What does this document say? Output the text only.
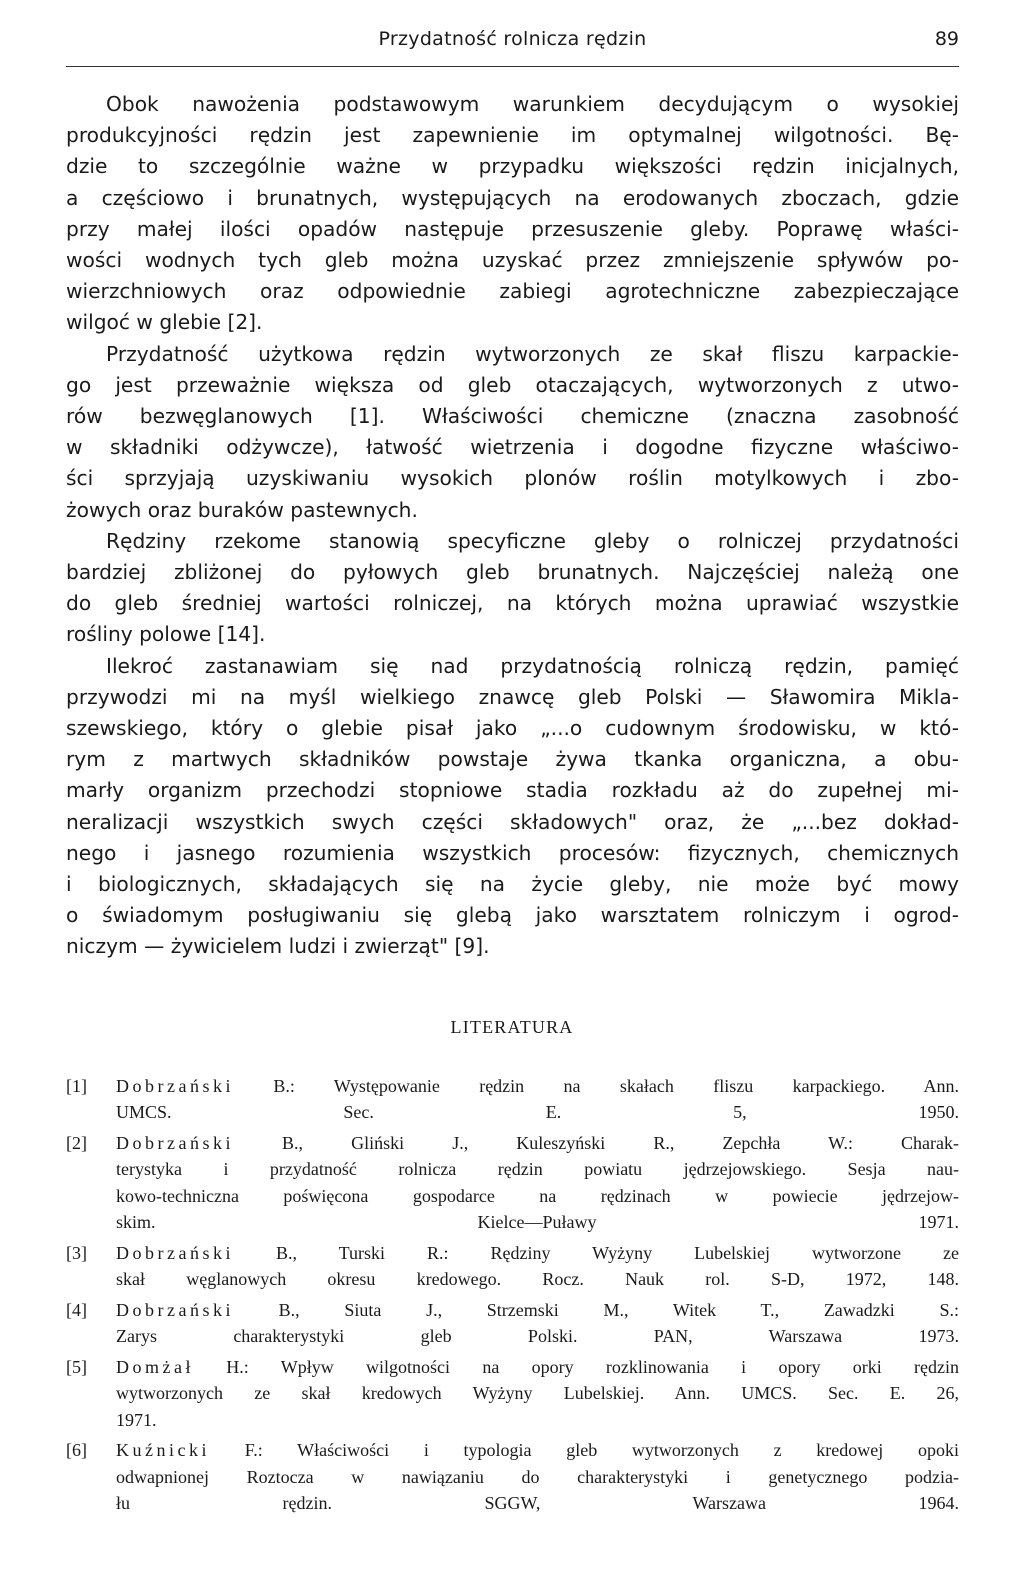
Przydatność rolnicza rędzin	89
Obok nawożenia podstawowym warunkiem decydującym o wysokiej
produkcyjności rędzin jest zapewnienie im optymalnej wilgotności. Bę-
dzie to szczególnie ważne w przypadku większości rędzin inicjalnych,
a częściowo i brunatnych, występujących na erodowanych zboczach, gdzie
przy małej ilości opadów następuje przesuszenie gleby. Poprawę właści-
wości wodnych tych gleb można uzyskać przez zmniejszenie spływów po-
wierzchniowych oraz odpowiednie zabiegi agrotechniczne zabezpieczające
wilgoć w glebie [2].
Przydatność użytkowa rędzin wytworzonych ze skał fliszu karpackie-
go jest przeważnie większa od gleb otaczających, wytworzonych z utwo-
rów bezwęglanowych [1]. Właściwości chemiczne (znaczna zasobność
w składniki odżywcze), łatwość wietrzenia i dogodne fizyczne właściwo-
ści sprzyjają uzyskiwaniu wysokich plonów roślin motylkowych i zbo-
żowych oraz buraków pastewnych.
Rędziny rzekome stanowią specyficzne gleby o rolniczej przydatności
bardziej zbliżonej do pyłowych gleb brunatnych. Najczęściej należą one
do gleb średniej wartości rolniczej, na których można uprawiać wszystkie
rośliny polowe [14].
Ilekroć zastanawiam się nad przydatnością rolniczą rędzin, pamięć
przywodzi mi na myśl wielkiego znawcę gleb Polski — Sławomira Mikla-
szewskiego, który o glebie pisał jako „...o cudownym środowisku, w któ-
rym z martwych składników powstaje żywa tkanka organiczna, a obu-
marły organizm przechodzi stopniowe stadia rozkładu aż do zupełnej mi-
neralizacji wszystkich swych części składowych" oraz, że „...bez dokład-
nego i jasnego rozumienia wszystkich procesów: fizycznych, chemicznych
i biologicznych, składających się na życie gleby, nie może być mowy
o świadomym posługiwaniu się glebą jako warsztatem rolniczym i ogrod-
niczym — żywicielem ludzi i zwierząt" [9].
LITERATURA
[1] Dobrzański B.: Występowanie rędzin na skałach fliszu karpackiego. Ann.
UMCS. Sec. E. 5, 1950.
[2] Dobrzański B., Gliński J., Kuleszyński R., Zepchła W.: Charak-
terystyka i przydatność rolnicza rędzin powiatu jędrzejowskiego. Sesja nau-
kowo-techniczna poświęcona gospodarce na rędzinach w powiecie jędrzejow-
skim. Kielce—Puławy 1971.
[3] Dobrzański B., Turski R.: Rędziny Wyżyny Lubelskiej wytworzone ze
skał węglanowych okresu kredowego. Rocz. Nauk rol. S-D, 1972, 148.
[4] Dobrzański B., Siuta J., Strzemski M., Witek T., Zawadzki S.:
Zarys charakterystyki gleb Polski. PAN, Warszawa 1973.
[5] Domżał H.: Wpływ wilgotności na opory rozklinowania i opory orki rędzin
wytworzonych ze skał kredowych Wyżyny Lubelskiej. Ann. UMCS. Sec. E. 26,
1971.
[6] Kuźnicki F.: Właściwości i typologia gleb wytworzonych z kredowej opoki
odwapnionej Roztocza w nawiązaniu do charakterystyki i genetycznego podzia-
łu rędzin. SGGW, Warszawa 1964.
